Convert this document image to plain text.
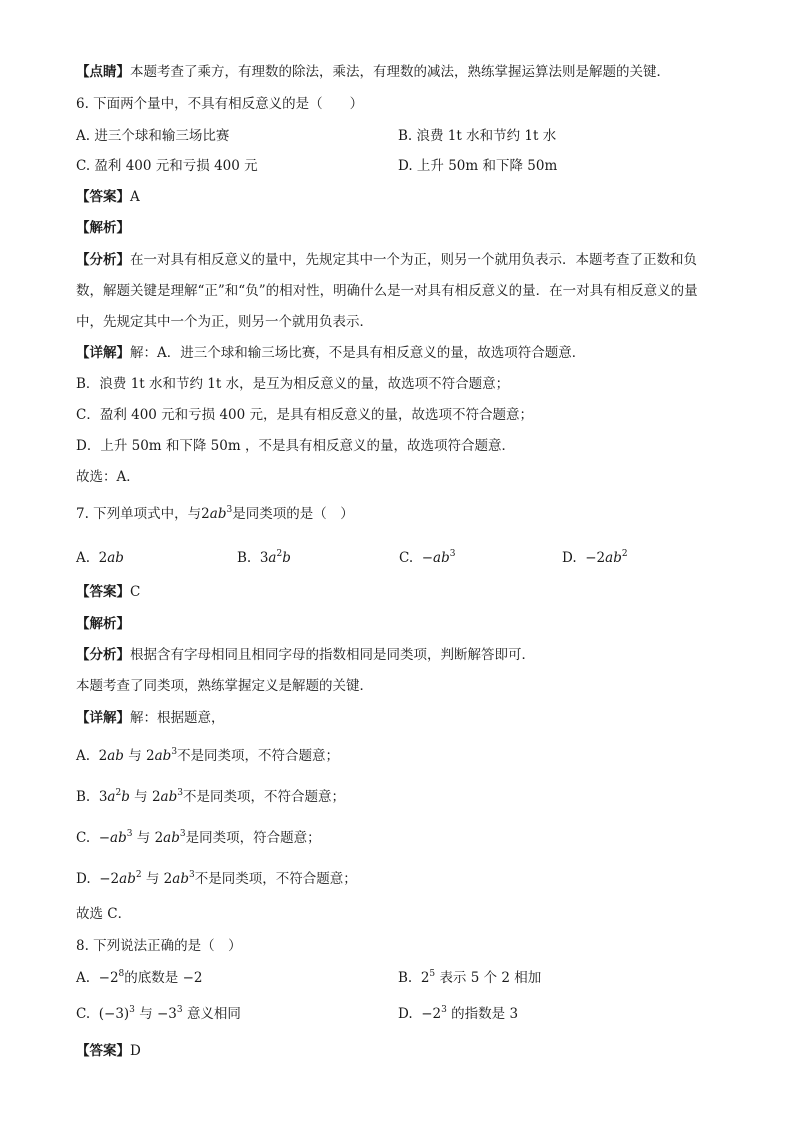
【点睛】本题考查了乘方，有理数的除法，乘法，有理数的减法，熟练掌握运算法则是解题的关键．
6. 下面两个量中，不具有相反意义的是（　　）
A. 进三个球和输三场比赛	B. 浪费 1t 水和节约 1t 水
C. 盈利 400 元和亏损 400 元	D. 上升 50m 和下降 50m
【答案】A
【解析】
【分析】在一对具有相反意义的量中，先规定其中一个为正，则另一个就用负表示．本题考查了正数和负
数，解题关键是理解“正”和“负”的相对性，明确什么是一对具有相反意义的量．在一对具有相反意义的量
中，先规定其中一个为正，则另一个就用负表示．
【详解】解：A．进三个球和输三场比赛，不是具有相反意义的量，故选项符合题意．
B．浪费 1t 水和节约 1t 水，是互为相反意义的量，故选项不符合题意；
C．盈利 400 元和亏损 400 元，是具有相反意义的量，故选项不符合题意；
D．上升 50m 和下降 50m ，不是具有相反意义的量，故选项符合题意．
故选：A．
7. 下列单项式中，与$2ab^3$是同类项的是（　）
A. 2ab	B. $3a^2b$	C. $-ab^3$	D. $-2ab^2$
【答案】C
【解析】
【分析】根据含有字母相同且相同字母的指数相同是同类项，判断解答即可．
本题考查了同类项，熟练掌握定义是解题的关键．
【详解】解：根据题意，
A. 2ab 与 $2ab^3$不是同类项，不符合题意；
B. $3a^2b$ 与 $2ab^3$不是同类项，不符合题意；
C. $-ab^3$ 与 $2ab^3$是同类项，符合题意；
D. $-2ab^2$ 与 $2ab^3$不是同类项，不符合题意；
故选 C．
8. 下列说法正确的是（　）
A. $-2^8$的底数是 −2	B. $2^5$ 表示 5 个 2 相加
C. $(-3)^3$ 与 $-3^3$ 意义相同	D. $-2^3$ 的指数是 3
【答案】D
